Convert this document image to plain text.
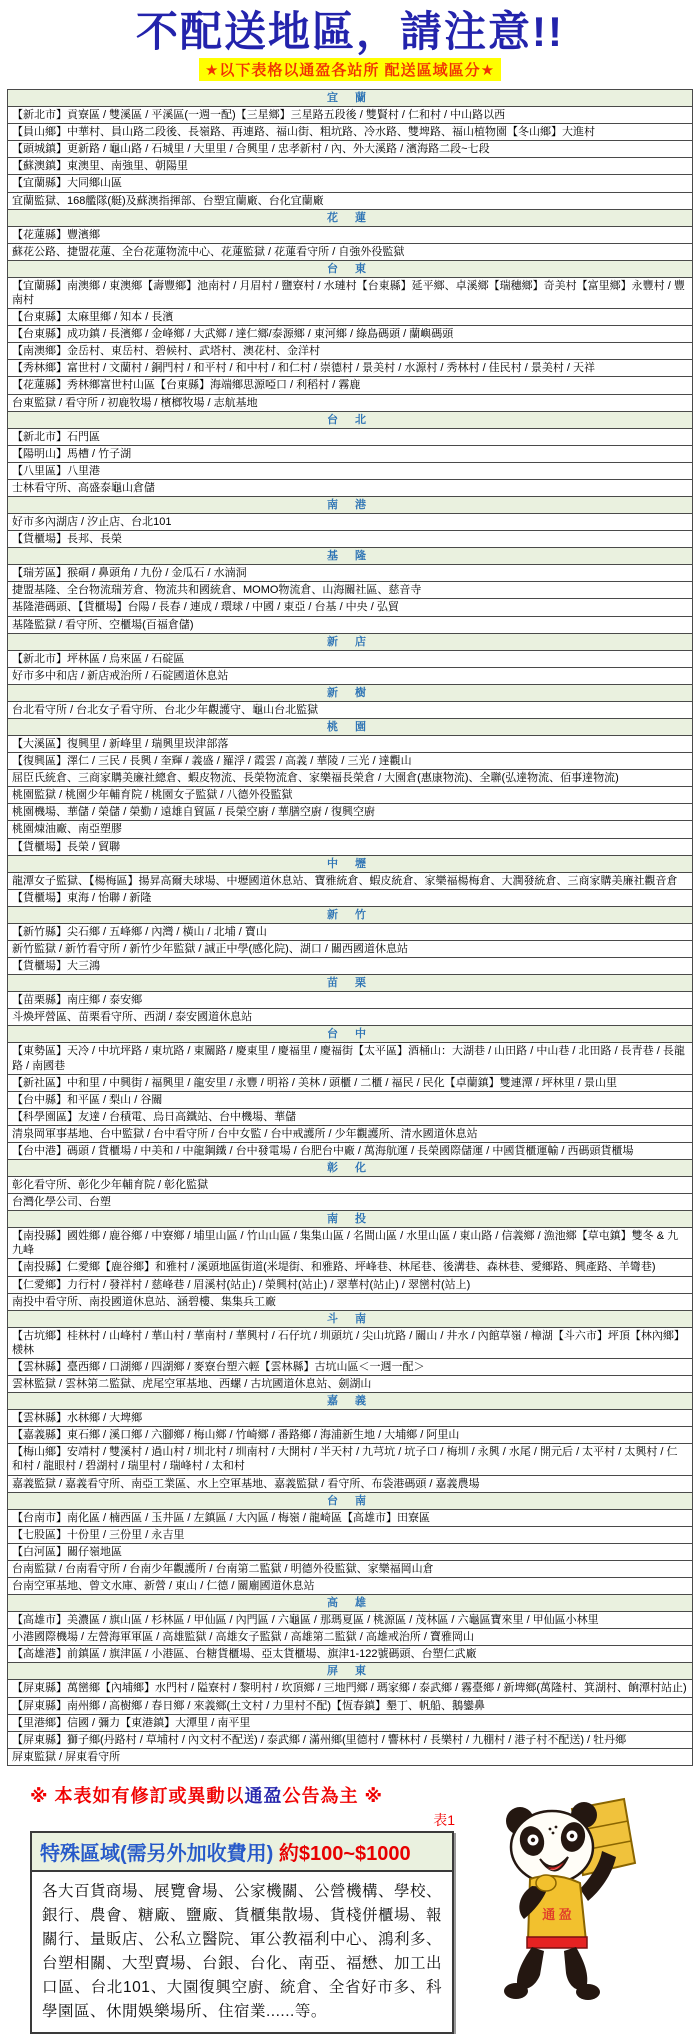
不配送地區，請注意!!
★以下表格以通盈各站所 配送區域區分★
宜 蘭
【新北市】貢寮區 / 雙溪區 / 平溪區(一週一配)【三星鄉】三星路五段後 / 雙賢村 / 仁和村 / 中山路以西
【員山鄉】中華村、員山路二段後、長嶺路、再連路、福山街、粗坑路、冷水路、雙埤路、福山植物園【冬山鄉】大進村
【頭城鎮】更新路 / 龜山路 / 石城里 / 大里里 / 合興里 / 忠孝新村 / 內、外大溪路 / 濱海路二段~七段
【蘇澳鎮】東澳里、南強里、朝陽里
【宜蘭縣】大同鄉山區
宜蘭監獄、168艦隊(艇)及蘇澳指揮部、台塑宜蘭廠、台化宜蘭廠
花 蓮
【花蓮縣】豐濱鄉
蘇花公路、捷盟花蓮、全台花蓮物流中心、花蓮監獄 / 花蓮看守所 / 自強外役監獄
台 東
【宜蘭縣】南澳鄉 / 東澳鄉【壽豐鄉】池南村 / 月眉村 / 鹽寮村 / 水璉村【台東縣】延平鄉、卓溪鄉【瑞穗鄉】奇美村【富里鄉】永豐村 / 豐南村
【台東縣】太麻里鄉 / 知本 / 長濱
【台東縣】成功鎮 / 長濱鄉 / 金峰鄉 / 大武鄉 / 達仁鄉/泰源鄉 / 東河鄉 / 綠島碼頭 / 蘭嶼碼頭
【南澳鄉】金岳村、東岳村、碧候村、武塔村、澳花村、金洋村
【秀林鄉】富世村 / 文蘭村 / 銅門村 / 和平村 / 和中村 / 和仁村 / 崇德村 / 景美村 / 水源村 / 秀林村 / 佳民村 / 景美村 / 天祥
【花蓮縣】秀林鄉富世村山區【台東縣】海端鄉思源啞口 / 利稻村 / 霧鹿
台東監獄 / 看守所 / 初鹿牧場 / 檳榔牧場 / 志航基地
台 北
【新北市】石門區
【陽明山】馬槽 / 竹子湖
【八里區】八里港
士林看守所、高盛泰龜山倉儲
南 港
好市多內湖店 / 汐止店、台北101
【貨櫃場】長邦、長榮
基 隆
【瑞芳區】猴硐 / 鼻頭角 / 九份 / 金瓜石 / 水湳洞
捷盟基隆、全台物流瑞芳倉、物流共和國統倉、MOMO物流倉、山海關社區、慈音寺
基隆港碼頭、【貨櫃場】台陽 / 長春 / 連成 / 環球 / 中國 / 東亞 / 台基 / 中央 / 弘貿
基隆監獄 / 看守所、空櫃場(百福倉儲)
新 店
【新北市】坪林區 / 烏來區 / 石碇區
好市多中和店 / 新店戒治所 / 石碇國道休息站
新 樹
台北看守所 / 台北女子看守所、台北少年觀護守、龜山台北監獄
桃 園
【大溪區】復興里 / 新峰里 / 瑞興里崁津部落
【復興區】澤仁 / 三民 / 長興 / 奎輝 / 義盛 / 羅浮 / 霞雲 / 高義 / 華陵 / 三光 / 達觀山
屈臣氏統倉、三商家購美廉社總倉、蝦皮物流、長榮物流倉、家樂福長榮倉 / 大園倉(惠康物流)、全聯(弘達物流、佰事達物流)
桃園監獄 / 桃園少年輔育院 / 桃園女子監獄 / 八德外役監獄
桃園機場、華儲 / 榮儲 / 榮勤 / 遠雄自貿區 / 長榮空廚 / 華膳空廚 / 復興空廚
桃園煉油廠、南亞塑膠
【貨櫃場】長榮 / 貿聯
中 壢
龍潭女子監獄、【楊梅區】揚昇高爾夫球場、中壢國道休息站、寶雅統倉、蝦皮統倉、家樂福楊梅倉、大潤發統倉、三商家購美廉社觀音倉
【貨櫃場】東海 / 怡聯 / 新隆
新 竹
【新竹縣】尖石鄉 / 五峰鄉 / 內灣 / 橫山 / 北埔 / 寶山
新竹監獄 / 新竹看守所 / 新竹少年監獄 / 誠正中學(感化院)、湖口 / 關西國道休息站
【貨櫃場】大三鴻
苗 栗
【苗栗縣】南庄鄉 / 泰安鄉
斗煥坪營區、苗栗看守所、西湖 / 泰安國道休息站
台 中
【東勢區】天冷 / 中坑坪路 / 東坑路 / 東關路 / 慶東里 / 慶福里 / 慶福街【太平區】酒桶山：大湖巷 / 山田路 / 中山巷 / 北田路 / 長青巷 / 長龍路 / 南國巷
【新社區】中和里 / 中興街 / 福興里 / 龍安里 / 永豐 / 明裕 / 美林 / 頭櫃 / 二櫃 / 福民 / 民化【卓蘭鎮】雙連潭 / 坪林里 / 景山里
【台中縣】和平區 / 梨山 / 谷關
【科學園區】友達 / 台積電、烏日高鐵站、台中機場、華儲
清泉岡軍事基地、台中監獄 / 台中看守所 / 台中女監 / 台中戒護所 / 少年觀護所、清水國道休息站
【台中港】碼頭 / 貨櫃場 / 中美和 / 中龍鋼鐵 / 台中發電場 / 台肥台中廠 / 萬海航運 / 長榮國際儲運 / 中國貨櫃運輸 / 西碼頭貨櫃場
彰 化
彰化看守所、彰化少年輔育院 / 彰化監獄
台灣化學公司、台塑
南 投
【南投縣】國姓鄉 / 鹿谷鄉 / 中寮鄉 / 埔里山區 / 竹山山區 / 集集山區 / 名間山區 / 水里山區 / 東山路 / 信義鄉 / 漁池鄉【草屯鎮】雙冬 & 九九峰
【南投縣】仁愛鄉【鹿谷鄉】和雅村 / 溪頭地區街道(米堤街、和雅路、坪峰巷、林尾巷、後溝巷、森林巷、愛鄉路、興產路、羊彎巷)
【仁愛鄉】力行村 / 發祥村 / 慈峰巷 / 眉溪村(站止) / 榮興村(站止) / 翠華村(站止) / 翠巒村(站上)
南投中看守所、南投國道休息站、涵碧樓、集集兵工廠
斗 南
【古坑鄉】桂林村 / 山峰村 / 華山村 / 華南村 / 華興村 / 石仔坑 / 圳頭坑 / 尖山坑路 / 關山 / 井水 / 內館草嶺 / 樟湖【斗六市】坪頂【林內鄉】檨林
【雲林縣】臺西鄉 / 口湖鄉 / 四湖鄉 / 麥寮台塑六輕【雲林縣】古坑山區＜一週一配＞
雲林監獄 / 雲林第二監獄、虎尾空軍基地、西螺 / 古坑國道休息站、劍湖山
嘉 義
【雲林縣】水林鄉 / 大埤鄉
【嘉義縣】東石鄉 / 溪口鄉 / 六腳鄉 / 梅山鄉 / 竹崎鄉 / 番路鄉 / 海浦新生地 / 大埔鄉 / 阿里山
【梅山鄉】安靖村 / 雙溪村 / 過山村 / 圳北村 / 圳南村 / 大開村 / 半天村 / 九芎坑 / 坑子口 / 梅圳 / 永興 / 水尾 / 開元后 / 太平村 / 太興村 / 仁和村 / 龍眼村 / 碧湖村 / 瑞里村 / 瑞峰村 / 太和村
嘉義監獄 / 嘉義看守所、南亞工業區、水上空軍基地、嘉義監獄 / 看守所、布袋港碼頭 / 嘉義農場
台 南
【台南市】南化區 / 楠西區 / 玉井區 / 左鎮區 / 大內區 / 梅嶺 / 龍崎區【高雄市】田寮區
【七股區】十份里 / 三份里 / 永吉里
【白河區】關仔嶺地區
台南監獄 / 台南看守所 / 台南少年觀護所 / 台南第二監獄 / 明德外役監獄、家樂福岡山倉
台南空軍基地、曾文水庫、新營 / 東山 / 仁德 / 關廟國道休息站
高 雄
【高雄市】美濃區 / 旗山區 / 杉林區 / 甲仙區 / 內門區 / 六龜區 / 那瑪夏區 / 桃源區 / 茂林區 / 六龜區寶來里 / 甲仙區小林里
小港國際機場 / 左營海軍軍區 / 高雄監獄 / 高雄女子監獄 / 高雄第二監獄 / 高雄戒治所 / 寶雅岡山
【高雄港】前鎮區 / 旗津區 / 小港區、台糖貨櫃場、亞太貨櫃場、旗津1-122號碼頭、台塑仁武廠
屏 東
【屏東縣】萬巒鄉【內埔鄉】水門村 / 隘寮村 / 黎明村 / 坎頂鄉 / 三地門鄉 / 瑪家鄉 / 泰武鄉 / 霧臺鄉 / 新埤鄉(萬隆村、箕湖村、餉潭村站止)
【屏東縣】南州鄉 / 高樹鄉 / 春日鄉 / 來義鄉(土文村 / 力里村不配)【恆春鎮】墾丁、帆船、鵝鑾鼻
【里港鄉】信國 / 彌力【東港鎮】大潭里 / 南平里
【屏東縣】獅子鄉(丹路村 / 草埔村 / 內文村不配送) / 泰武鄉 / 滿州鄉(里德村 / 響林村 / 長樂村 / 九棚村 / 港子村不配送) / 牡丹鄉
屏東監獄 / 屏東看守所
※ 本表如有修訂或異動以通盈公告為主 ※
表1
特殊區域(需另外加收費用) 約$100~$1000
各大百貨商場、展覽會場、公家機關、公營機構、學校、銀行、農會、糖廠、鹽廠、貨櫃集散場、貨棧併櫃場、報關行、量販店、公私立醫院、軍公教福利中心、鴻利多、台塑相關、大型賣場、台銀、台化、南亞、福懋、加工出口區、台北101、大園復興空廚、統倉、全省好市多、科學園區、休閒娛樂場所、住宿業......等。
通 盈
